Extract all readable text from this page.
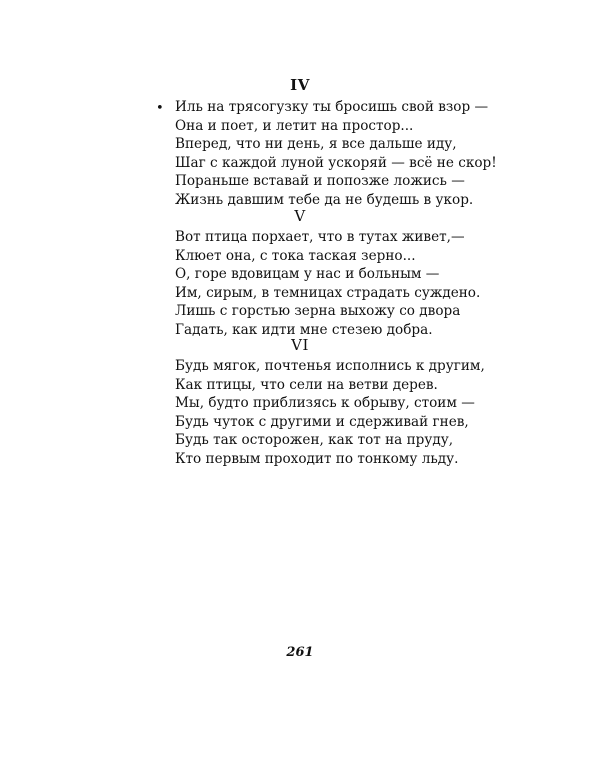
IV
• Иль на трясогузку ты бросишь свой взор —
Она и поет, и летит на простор...
Вперед, что ни день, я все дальше иду,
Шаг с каждой луной ускоряй — всё не скор!
Пораньше вставай и попозже ложись —
Жизнь давшим тебе да не будешь в укор.
V
Вот птица порхает, что в тутах живет,—
Клюет она, с тока таская зерно...
О, горе вдовицам у нас и больным —
Им, сирым, в темницах страдать суждено.
Лишь с горстью зерна выхожу со двора
Гадать, как идти мне стезею добра.
VI
Будь мягок, почтенья исполнись к другим,
Как птицы, что сели на ветви дерев.
Мы, будто приблизясь к обрыву, стоим —
Будь чуток с другими и сдерживай гнев,
Будь так осторожен, как тот на пруду,
Кто первым проходит по тонкому льду.
261
